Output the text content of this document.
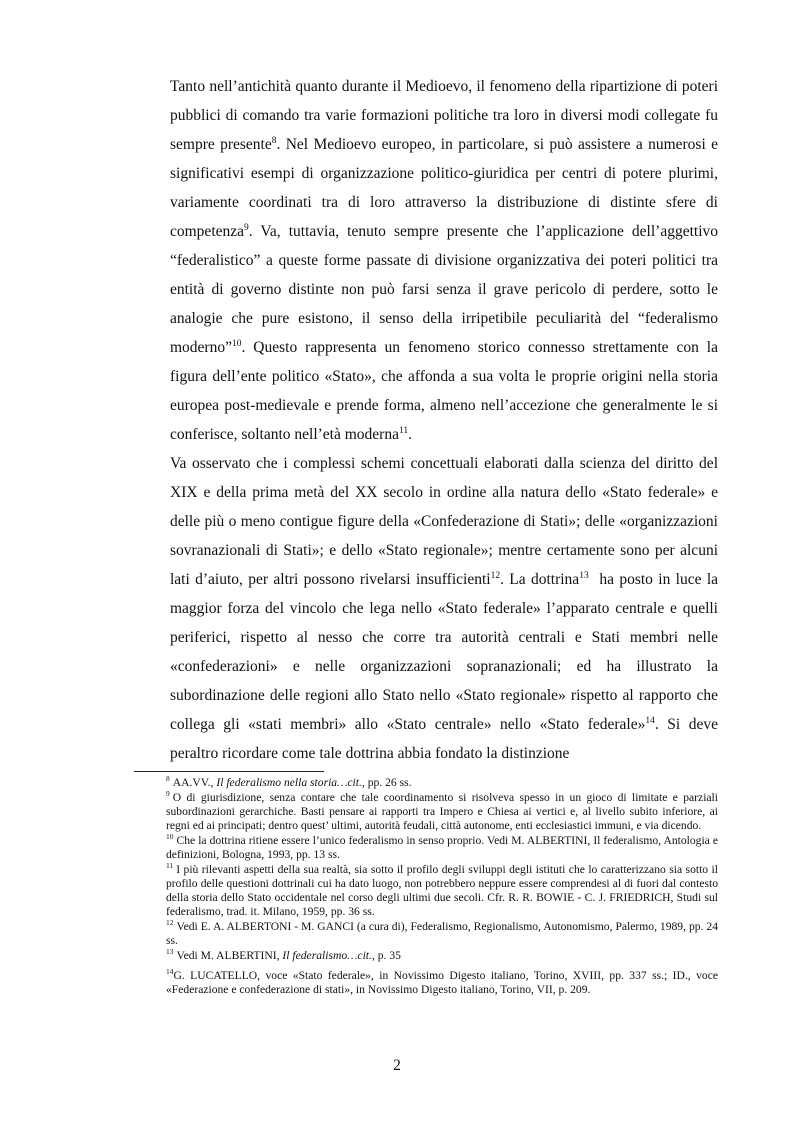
Tanto nell’antichità quanto durante il Medioevo, il fenomeno della ripartizione di poteri pubblici di comando tra varie formazioni politiche tra loro in diversi modi collegate fu sempre presente$^8$. Nel Medioevo europeo, in particolare, si può assistere a numerosi e significativi esempi di organizzazione politico-giuridica per centri di potere plurimi, variamente coordinati tra di loro attraverso la distribuzione di distinte sfere di competenza$^9$. Va, tuttavia, tenuto sempre presente che l’applicazione dell’aggettivo “federalistico” a queste forme passate di divisione organizzativa dei poteri politici tra entità di governo distinte non può farsi senza il grave pericolo di perdere, sotto le analogie che pure esistono, il senso della irripetibile peculiarità del “federalismo moderno”$^{10}$. Questo rappresenta un fenomeno storico connesso strettamente con la figura dell’ente politico «Stato», che affonda a sua volta le proprie origini nella storia europea post-medievale e prende forma, almeno nell’accezione che generalmente le si conferisce, soltanto nell’età moderna$^{11}$.

Va osservato che i complessi schemi concettuali elaborati dalla scienza del diritto del XIX e della prima metà del XX secolo in ordine alla natura dello «Stato federale» e delle più o meno contigue figure della «Confederazione di Stati»; delle «organizzazioni sovranazionali di Stati»; e dello «Stato regionale»; mentre certamente sono per alcuni lati d’aiuto, per altri possono rivelarsi insufficienti$^{12}$. La dottrina$^{13}$  ha posto in luce la  maggior forza del vincolo che lega nello «Stato federale» l’apparato centrale e quelli periferici, rispetto al nesso che corre tra autorità centrali e Stati membri nelle «confederazioni» e nelle organizzazioni sopranazionali; ed ha illustrato la subordinazione delle regioni allo Stato nello «Stato regionale» rispetto al rapporto che collega gli «stati membri» allo «Stato centrale» nello «Stato federale»$^{14}$. Si deve peraltro ricordare come tale dottrina abbia fondato la distinzione

$^8$ AA.VV., Il federalismo nella storia…cit., pp. 26 ss.

$^9$ O di giurisdizione, senza contare che tale coordinamento si risolveva spesso in un gioco di limitate e parziali subordinazioni gerarchiche. Basti pensare ai rapporti tra Impero e Chiesa ai vertici e, al livello subito inferiore, ai regni ed ai principati; dentro quest’ ultimi, autorità feudali, città autonome, enti ecclesiastici immuni, e via dicendo.

$^{10}$ Che la dottrina ritiene essere l’unico federalismo in senso proprio. Vedi M. ALBERTINI, Il federalismo, Antologia e definizioni, Bologna, 1993, pp. 13 ss.

$^{11}$ I più rilevanti aspetti della sua realtà, sia sotto il profilo degli sviluppi degli istituti che lo caratterizzano sia sotto il profilo delle questioni dottrinali cui ha dato luogo, non potrebbero neppure essere comprendesi al di fuori dal contesto della storia dello Stato occidentale nel corso degli ultimi due secoli. Cfr. R. R. BOWIE - C. J. FRIEDRICH, Studi sul federalismo, trad. it. Milano, 1959, pp. 36 ss.

$^{12}$ Vedi E. A. ALBERTONI - M. GANCI (a cura di), Federalismo, Regionalismo, Autonomismo, Palermo, 1989, pp. 24 ss.

$^{13}$ Vedi M. ALBERTINI, Il federalismo…cit., p. 35

$^{14}$G. LUCATELLO, voce «Stato federale», in Novissimo Digesto italiano, Torino, XVIII, pp. 337 ss.; ID., voce «Federazione e confederazione di stati», in Novissimo Digesto italiano, Torino, VII, p. 209.

2
